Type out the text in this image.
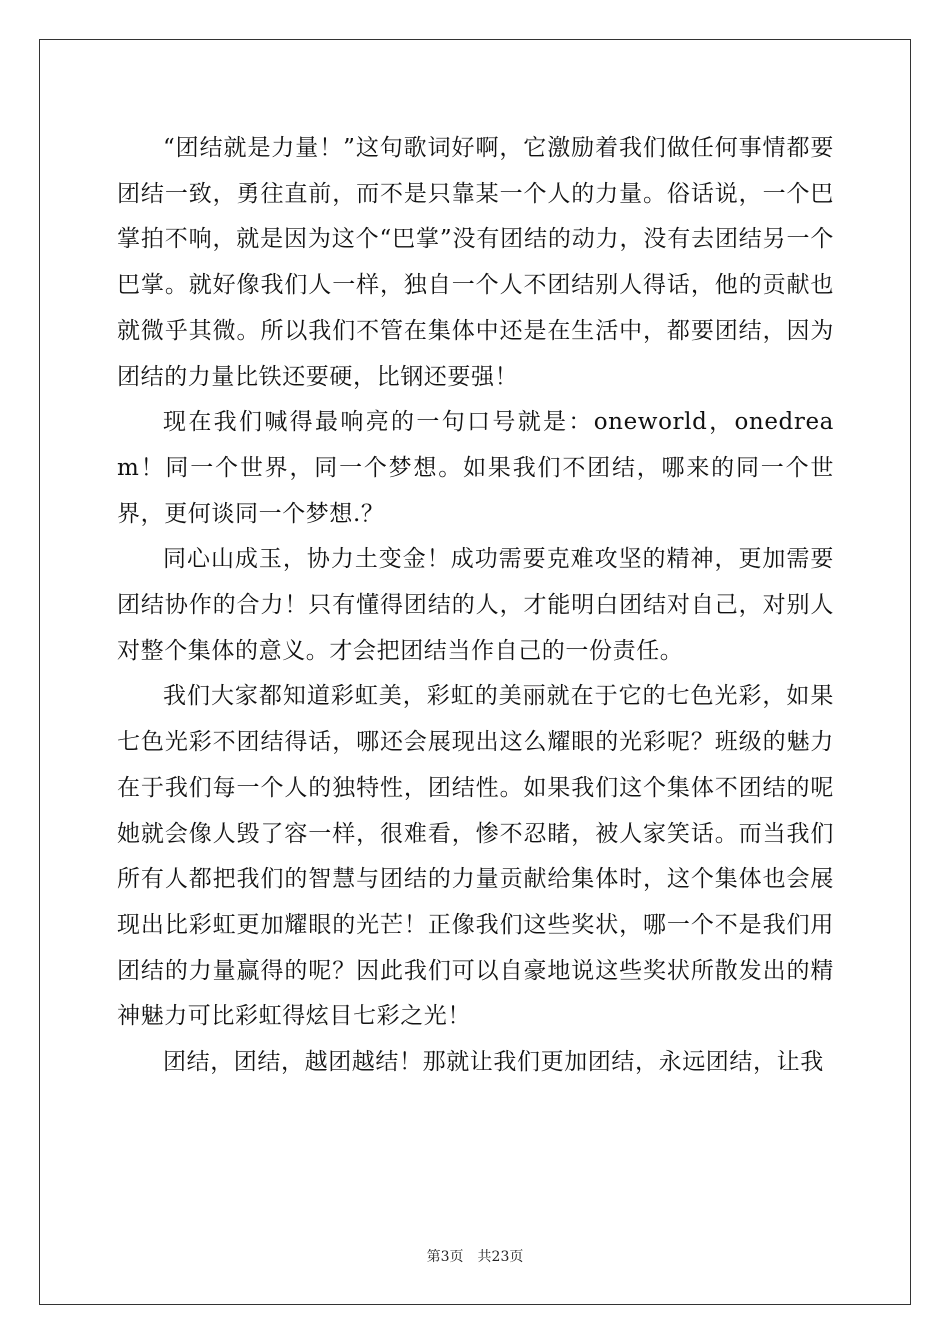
“团结就是力量！”这句歌词好啊，它激励着我们做任何事情都要团结一致，勇往直前，而不是只靠某一个人的力量。俗话说，一个巴掌拍不响，就是因为这个“巴掌”没有团结的动力，没有去团结另一个巴掌。就好像我们人一样，独自一个人不团结别人得话，他的贡献也就微乎其微。所以我们不管在集体中还是在生活中，都要团结，因为团结的力量比铁还要硬，比钢还要强！

现在我们喊得最响亮的一句口号就是：oneworld，onedream！同一个世界，同一个梦想。如果我们不团结，哪来的同一个世界，更何谈同一个梦想.？

同心山成玉，协力土变金！成功需要克难攻坚的精神，更加需要团结协作的合力！只有懂得团结的人，才能明白团结对自己，对别人对整个集体的意义。才会把团结当作自己的一份责任。

我们大家都知道彩虹美，彩虹的美丽就在于它的七色光彩，如果七色光彩不团结得话，哪还会展现出这么耀眼的光彩呢？班级的魅力在于我们每一个人的独特性，团结性。如果我们这个集体不团结的呢她就会像人毁了容一样，很难看，惨不忍睹，被人家笑话。而当我们所有人都把我们的智慧与团结的力量贡献给集体时，这个集体也会展现出比彩虹更加耀眼的光芒！正像我们这些奖状，哪一个不是我们用团结的力量赢得的呢？因此我们可以自豪地说这些奖状所散发出的精神魅力可比彩虹得炫目七彩之光！

团结，团结，越团越结！那就让我们更加团结，永远团结，让我

第3页 共23页
